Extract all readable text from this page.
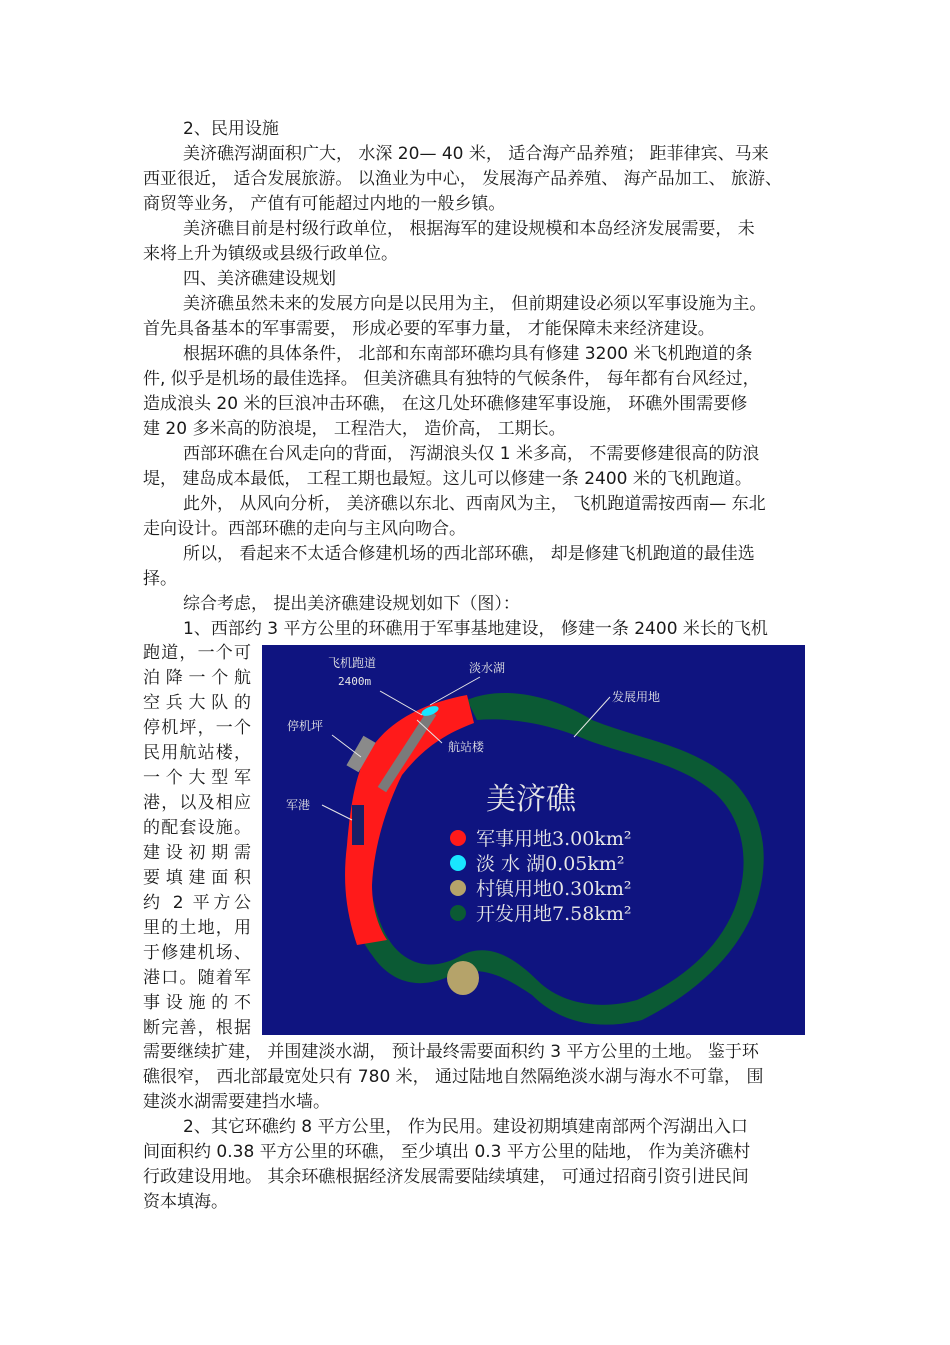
2、民用设施
美济礁泻湖面积广大， 水深 20— 40 米， 适合海产品养殖； 距菲律宾、马来
西亚很近， 适合发展旅游。 以渔业为中心， 发展海产品养殖、 海产品加工、 旅游、
商贸等业务， 产值有可能超过内地的一般乡镇。
美济礁目前是村级行政单位， 根据海军的建设规模和本岛经济发展需要， 未
来将上升为镇级或县级行政单位。
四、美济礁建设规划
美济礁虽然未来的发展方向是以民用为主， 但前期建设必须以军事设施为主。
首先具备基本的军事需要， 形成必要的军事力量， 才能保障未来经济建设。
根据环礁的具体条件， 北部和东南部环礁均具有修建 3200 米飞机跑道的条
件, 似乎是机场的最佳选择。 但美济礁具有独特的气候条件， 每年都有台风经过，
造成浪头 20 米的巨浪冲击环礁， 在这几处环礁修建军事设施， 环礁外围需要修
建 20 多米高的防浪堤， 工程浩大， 造价高， 工期长。
西部环礁在台风走向的背面， 泻湖浪头仅 1 米多高， 不需要修建很高的防浪
堤， 建岛成本最低， 工程工期也最短。这儿可以修建一条 2400 米的飞机跑道。
此外， 从风向分析， 美济礁以东北、西南风为主， 飞机跑道需按西南— 东北
走向设计。西部环礁的走向与主风向吻合。
所以， 看起来不太适合修建机场的西北部环礁， 却是修建飞机跑道的最佳选
择。
综合考虑， 提出美济礁建设规划如下（图）：
1、西部约 3 平方公里的环礁用于军事基地建设， 修建一条 2400 米长的飞机
跑道，一个可
泊降一个航
空兵大队的
停机坪，一个
民用航站楼，
一个大型军
港，以及相应
的配套设施。
建设初期需
要填建面积
约 2 平方公
里的土地，用
于修建机场、
港口。随着军
事设施的不
断完善，根据
飞机跑道
2400m
淡水湖
发展用地
停机坪
航站楼
军港	美济礁
军事用地3.00km²
淡 水 湖0.05km²
村镇用地0.30km²
开发用地7.58km²
需要继续扩建， 并围建淡水湖， 预计最终需要面积约 3 平方公里的土地。 鉴于环
礁很窄， 西北部最宽处只有 780 米， 通过陆地自然隔绝淡水湖与海水不可靠， 围
建淡水湖需要建挡水墙。
2、其它环礁约 8 平方公里， 作为民用。建设初期填建南部两个泻湖出入口
间面积约 0.38 平方公里的环礁， 至少填出 0.3 平方公里的陆地， 作为美济礁村
行政建设用地。 其余环礁根据经济发展需要陆续填建， 可通过招商引资引进民间
资本填海。
